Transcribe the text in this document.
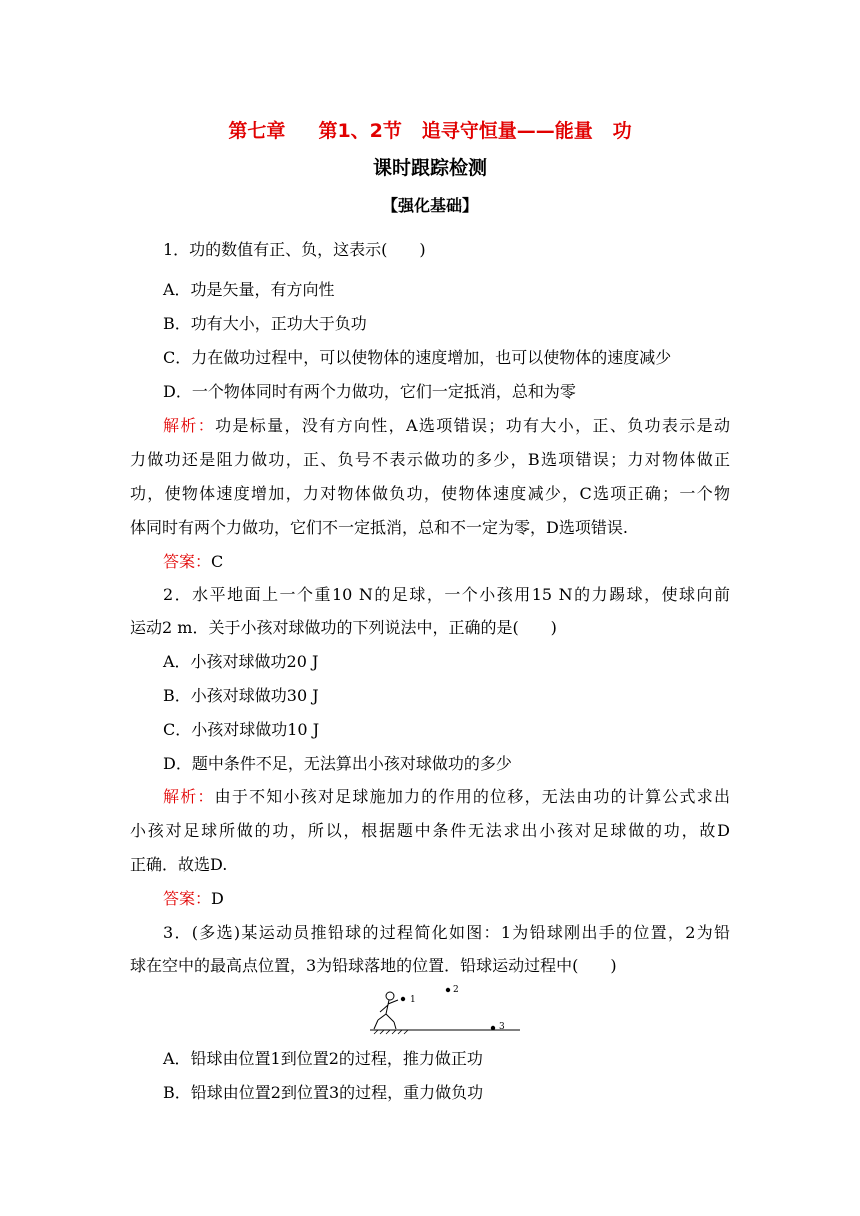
第七章 第1、2节 追寻守恒量——能量 功
课时跟踪检测
【强化基础】
1．功的数值有正、负，这表示(　　)
A．功是矢量，有方向性
B．功有大小，正功大于负功
C．力在做功过程中，可以使物体的速度增加，也可以使物体的速度减少
D．一个物体同时有两个力做功，它们一定抵消，总和为零
解析：功是标量，没有方向性，A选项错误；功有大小，正、负功表示是动
力做功还是阻力做功，正、负号不表示做功的多少，B选项错误；力对物体做正
功，使物体速度增加，力对物体做负功，使物体速度减少，C选项正确；一个物
体同时有两个力做功，它们不一定抵消，总和不一定为零，D选项错误.
答案：C
2．水平地面上一个重10 N的足球，一个小孩用15 N的力踢球，使球向前
运动2 m．关于小孩对球做功的下列说法中，正确的是(　　)
A．小孩对球做功20 J
B．小孩对球做功30 J
C．小孩对球做功10 J
D．题中条件不足，无法算出小孩对球做功的多少
解析：由于不知小孩对足球施加力的作用的位移，无法由功的计算公式求出
小孩对足球所做的功，所以，根据题中条件无法求出小孩对足球做的功，故D
正确．故选D.
答案：D
3．(多选)某运动员推铅球的过程简化如图：1为铅球刚出手的位置，2为铅
球在空中的最高点位置，3为铅球落地的位置．铅球运动过程中(　　)
1
2
3
A．铅球由位置1到位置2的过程，推力做正功
B．铅球由位置2到位置3的过程，重力做负功
